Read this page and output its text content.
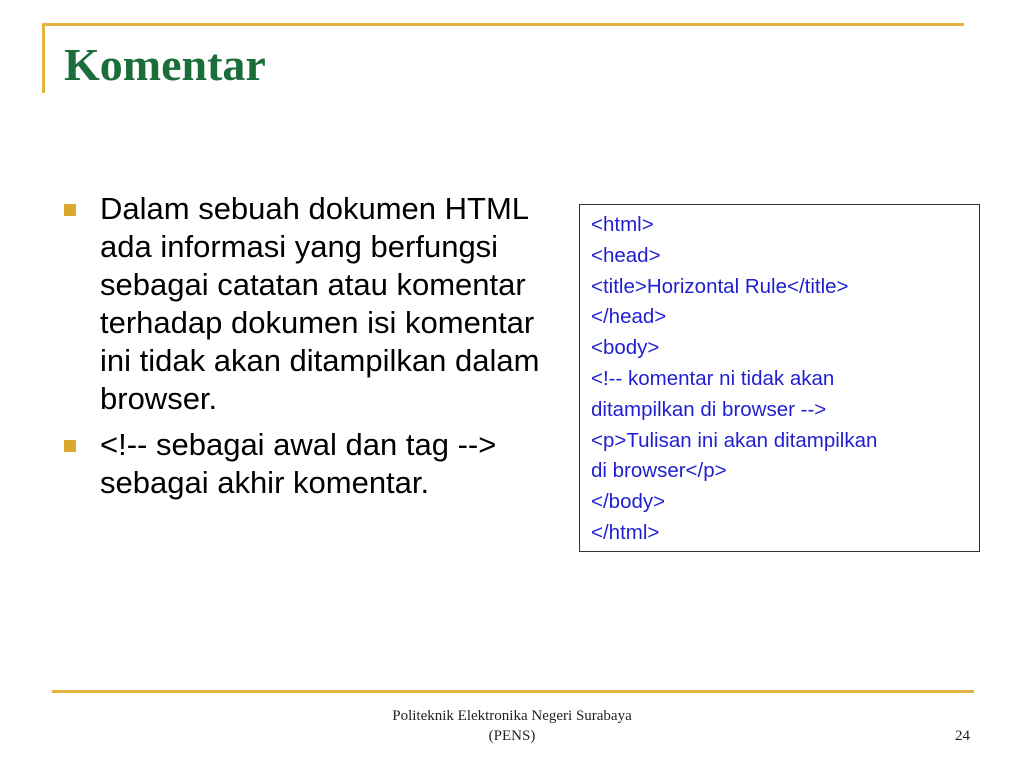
Komentar
Dalam sebuah dokumen HTML ada informasi yang berfungsi sebagai catatan atau komentar terhadap dokumen isi komentar ini tidak akan ditampilkan dalam browser.
<!-- sebagai awal dan tag --> sebagai akhir komentar.
<html>
<head>
<title>Horizontal Rule</title>
</head>
<body>
<!-- komentar ni tidak akan
ditampilkan di browser -->
<p>Tulisan ini akan ditampilkan
di browser</p>
</body>
</html>
Politeknik Elektronika Negeri Surabaya
(PENS)	24
